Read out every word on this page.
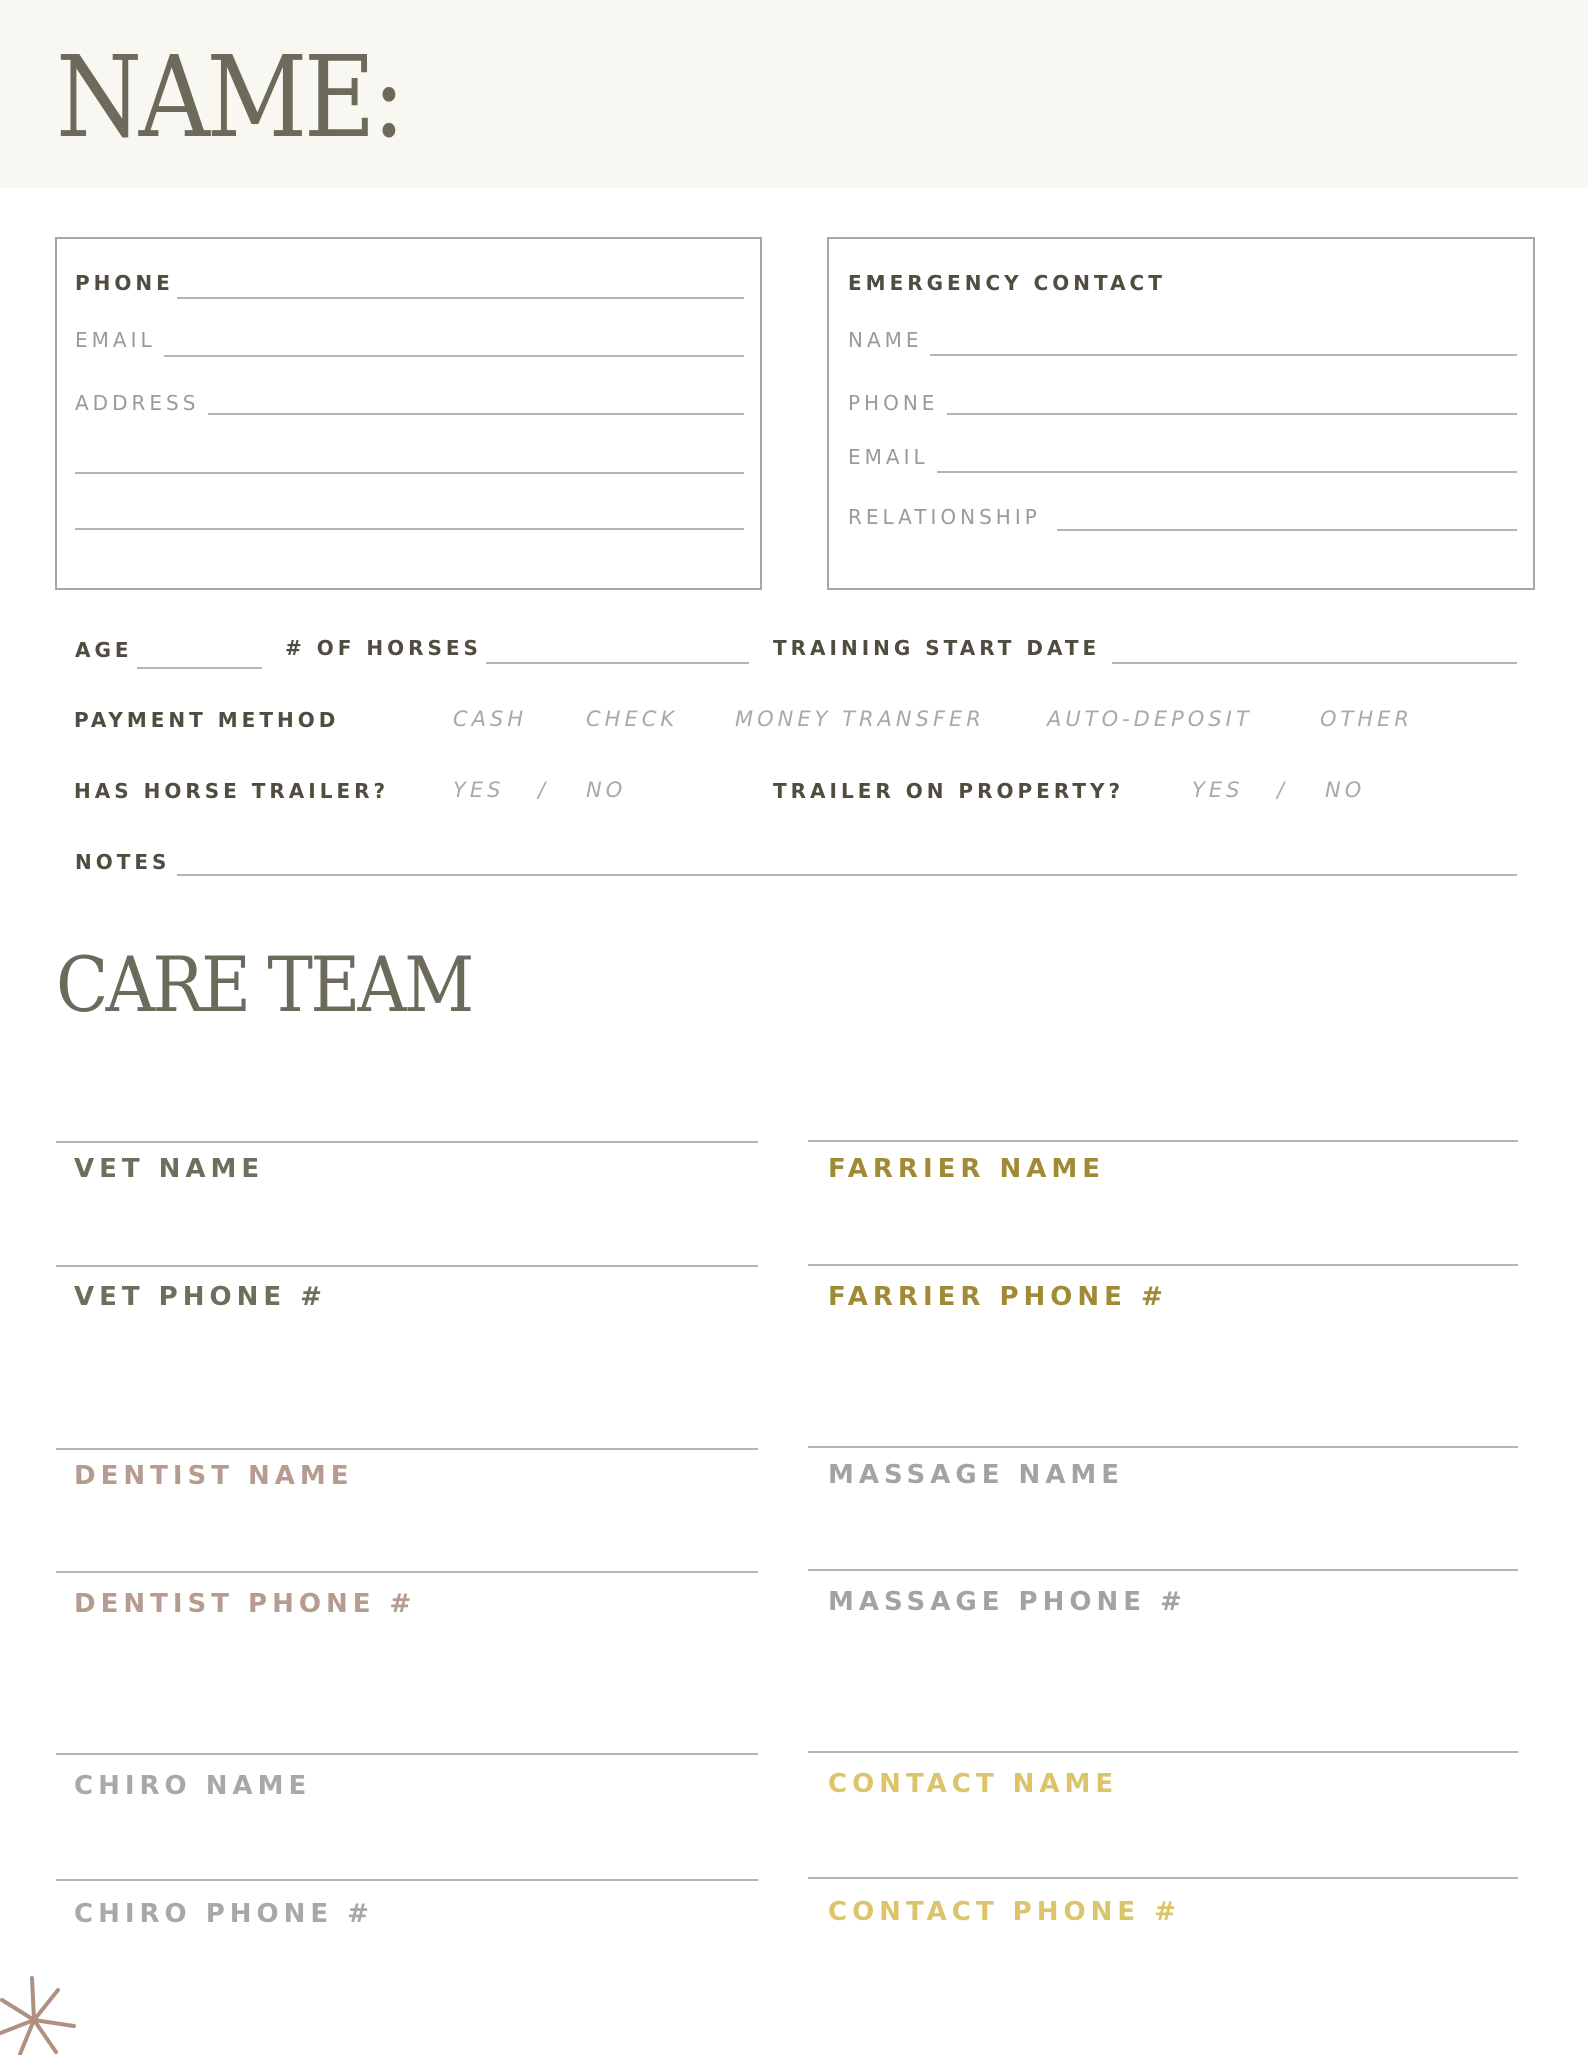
NAME:
PHONE
EMAIL
ADDRESS
EMERGENCY CONTACT
NAME
PHONE
EMAIL
RELATIONSHIP
AGE	# OF HORSES	TRAINING START DATE
PAYMENT METHOD	CASH	CHECK	MONEY TRANSFER	AUTO-DEPOSIT	OTHER
HAS HORSE TRAILER?	YES / NO	TRAILER ON PROPERTY?	YES / NO
NOTES
CARE TEAM
VET NAME
VET PHONE #
DENTIST NAME
DENTIST PHONE #
CHIRO NAME
CHIRO PHONE #
FARRIER NAME
FARRIER PHONE #
MASSAGE NAME
MASSAGE PHONE #
CONTACT NAME
CONTACT PHONE #
